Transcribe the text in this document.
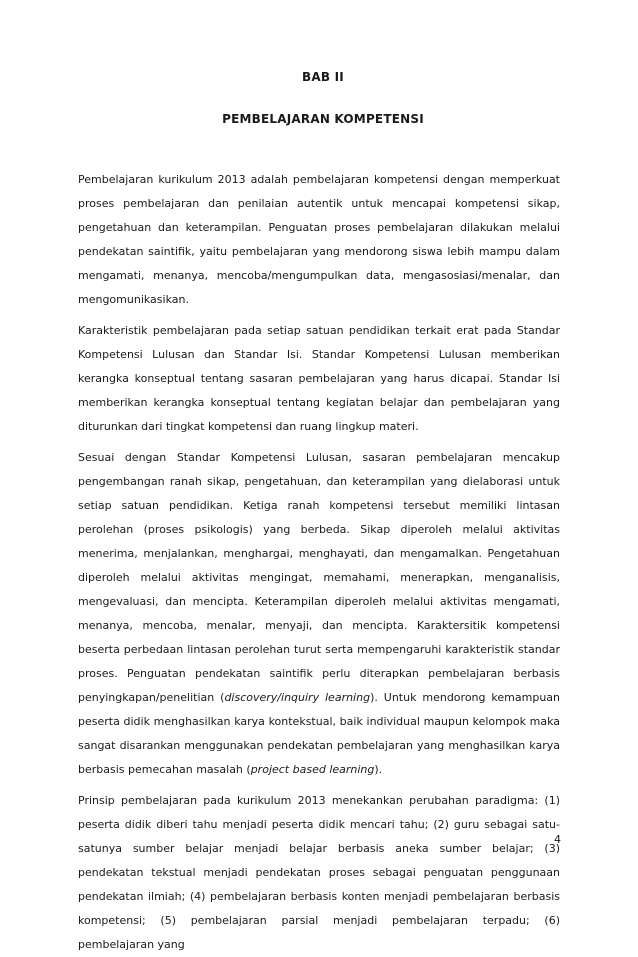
BAB II
PEMBELAJARAN KOMPETENSI

Pembelajaran kurikulum 2013 adalah pembelajaran kompetensi dengan memperkuat proses pembelajaran dan penilaian autentik untuk mencapai kompetensi sikap, pengetahuan dan keterampilan. Penguatan proses pembelajaran dilakukan melalui pendekatan saintifik, yaitu pembelajaran yang mendorong siswa lebih mampu dalam mengamati, menanya, mencoba/mengumpulkan data, mengasosiasi/menalar, dan mengomunikasikan.

Karakteristik pembelajaran pada setiap satuan pendidikan terkait erat pada Standar Kompetensi Lulusan dan Standar Isi. Standar Kompetensi Lulusan memberikan kerangka konseptual tentang sasaran pembelajaran yang harus dicapai. Standar Isi memberikan kerangka konseptual tentang kegiatan belajar dan pembelajaran yang diturunkan dari tingkat kompetensi dan ruang lingkup materi.

Sesuai dengan Standar Kompetensi Lulusan, sasaran pembelajaran mencakup pengembangan ranah sikap, pengetahuan, dan keterampilan yang dielaborasi untuk setiap satuan pendidikan. Ketiga ranah kompetensi tersebut memiliki lintasan perolehan (proses psikologis) yang berbeda. Sikap diperoleh melalui aktivitas menerima, menjalankan, menghargai, menghayati, dan mengamalkan. Pengetahuan diperoleh melalui aktivitas mengingat, memahami, menerapkan, menganalisis, mengevaluasi, dan mencipta. Keterampilan diperoleh melalui aktivitas mengamati, menanya, mencoba, menalar, menyaji, dan mencipta. Karaktersitik kompetensi beserta perbedaan lintasan perolehan turut serta mempengaruhi karakteristik standar proses. Penguatan pendekatan saintifik perlu diterapkan pembelajaran berbasis penyingkapan/penelitian (discovery/inquiry learning). Untuk mendorong kemampuan peserta didik menghasilkan karya kontekstual, baik individual maupun kelompok maka sangat disarankan menggunakan pendekatan pembelajaran yang menghasilkan karya berbasis pemecahan masalah (project based learning).

Prinsip pembelajaran pada kurikulum 2013 menekankan perubahan paradigma: (1) peserta didik diberi tahu menjadi peserta didik mencari tahu; (2) guru sebagai satu-satunya sumber belajar menjadi belajar berbasis aneka sumber belajar; (3) pendekatan tekstual menjadi pendekatan proses sebagai penguatan penggunaan pendekatan ilmiah; (4) pembelajaran berbasis konten menjadi pembelajaran berbasis kompetensi; (5) pembelajaran parsial menjadi pembelajaran terpadu; (6) pembelajaran yang

4
